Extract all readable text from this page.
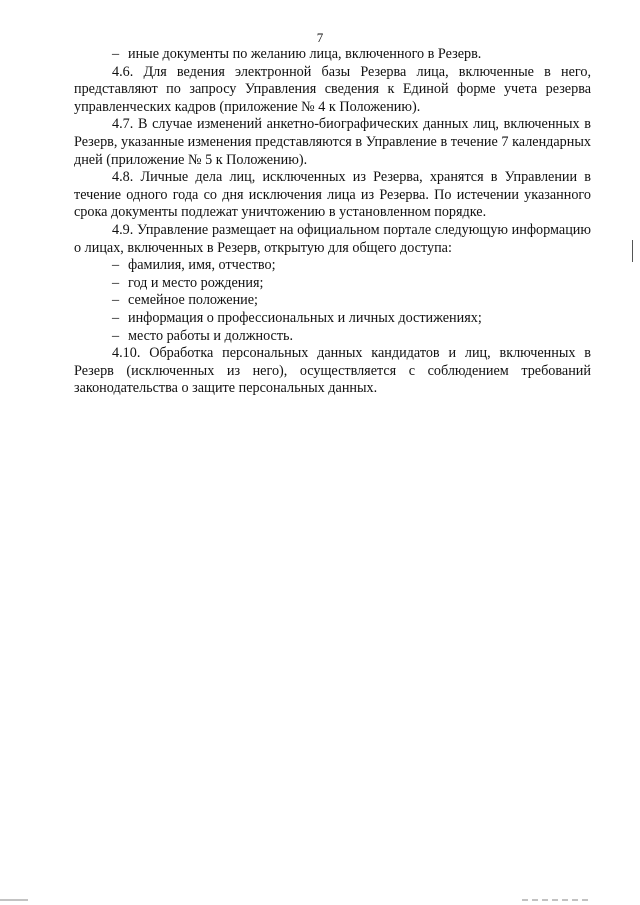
7

– иные документы по желанию лица, включенного в Резерв.

4.6. Для ведения электронной базы Резерва лица, включенные в него, представляют по запросу Управления сведения к Единой форме учета резерва управленческих кадров (приложение № 4 к Положению).

4.7. В случае изменений анкетно-биографических данных лиц, включенных в Резерв, указанные изменения представляются в Управление в течение 7 календарных дней (приложение № 5 к Положению).

4.8. Личные дела лиц, исключенных из Резерва, хранятся в Управлении в течение одного года со дня исключения лица из Резерва. По истечении указанного срока документы подлежат уничтожению в установленном порядке.

4.9. Управление размещает на официальном портале следующую информацию о лицах, включенных в Резерв, открытую для общего доступа:

– фамилия, имя, отчество;

– год и место рождения;

– семейное положение;

– информация о профессиональных и личных достижениях;

– место работы и должность.

4.10. Обработка персональных данных кандидатов и лиц, включенных в Резерв (исключенных из него), осуществляется с соблюдением требований законодательства о защите персональных данных.
